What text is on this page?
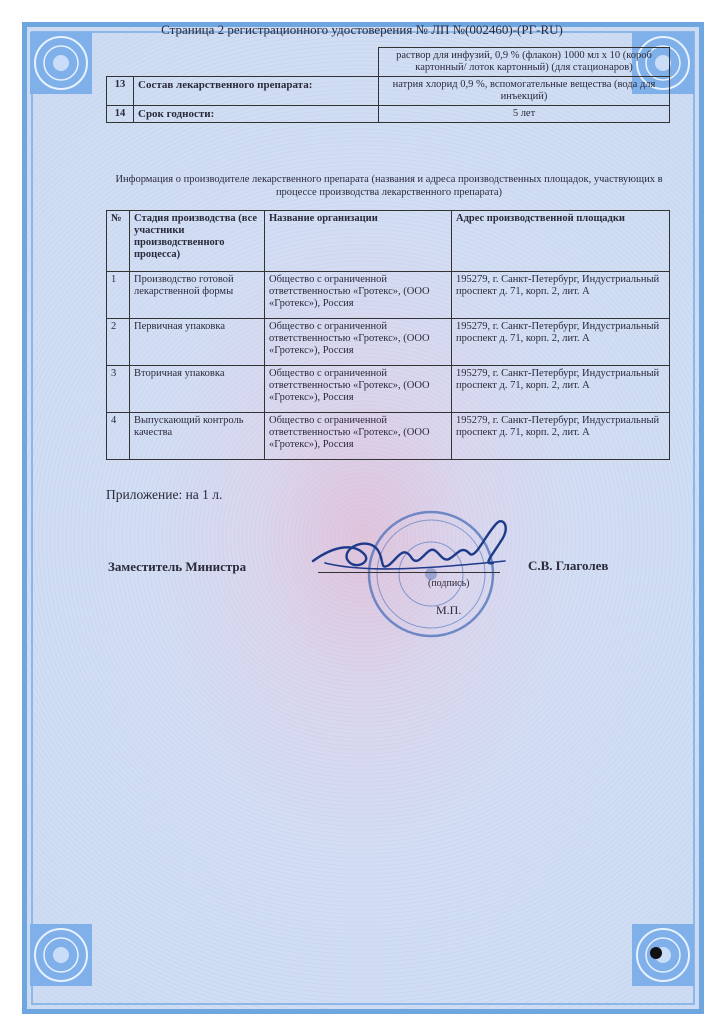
Страница 2 регистрационного удостоверения № ЛП №(002460)-(РГ-RU)
		раствор для инфузий, 0,9 % (флакон) 1000 мл x 10 (короб картонный/ лоток картонный) (для стационаров)
13	Состав лекарственного препарата:	натрия хлорид 0,9 %, вспомогательные вещества (вода для инъекций)
14	Срок годности:	5 лет
Информация о производителе лекарственного препарата (названия и адреса производственных площадок, участвующих в процессе производства лекарственного препарата)
№	Стадия производства (все участники производственного процесса)	Название организации	Адрес производственной площадки
1	Производство готовой лекарственной формы	Общество с ограниченной ответственностью «Гротекс», (ООО «Гротекс»), Россия	195279, г. Санкт-Петербург, Индустриальный проспект д. 71, корп. 2, лит. А
2	Первичная упаковка	Общество с ограниченной ответственностью «Гротекс», (ООО «Гротекс»), Россия	195279, г. Санкт-Петербург, Индустриальный проспект д. 71, корп. 2, лит. А
3	Вторичная упаковка	Общество с ограниченной ответственностью «Гротекс», (ООО «Гротекс»), Россия	195279, г. Санкт-Петербург, Индустриальный проспект д. 71, корп. 2, лит. А
4	Выпускающий контроль качества	Общество с ограниченной ответственностью «Гротекс», (ООО «Гротекс»), Россия	195279, г. Санкт-Петербург, Индустриальный проспект д. 71, корп. 2, лит. А
Приложение: на 1 л.
Заместитель Министра	С.В. Глаголев
(подпись)
М.П.
